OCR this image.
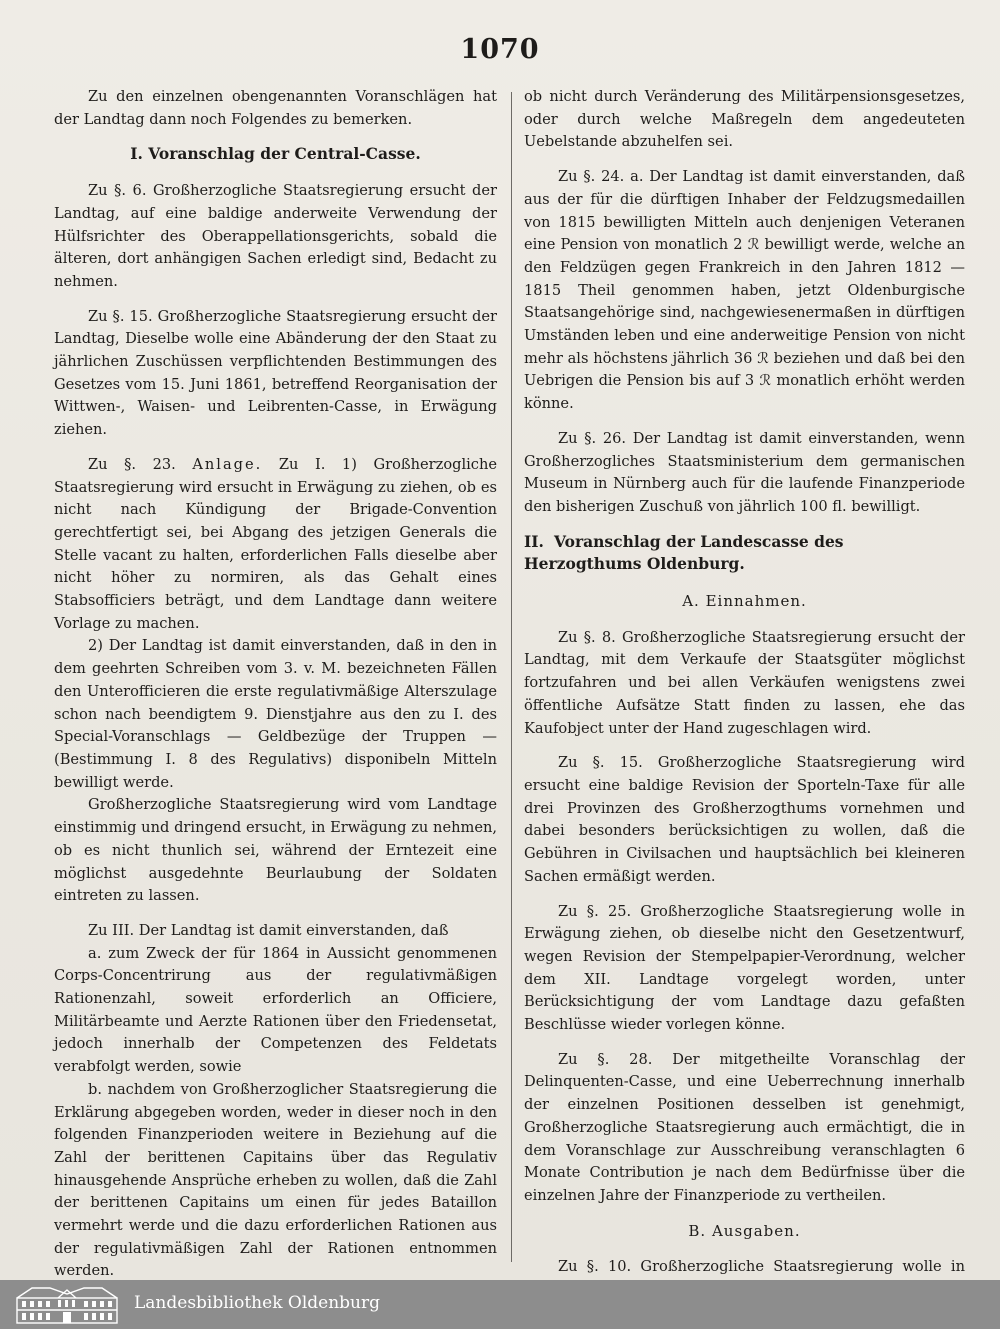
1070

Zu den einzelnen obengenannten Voranschlägen hat der Landtag dann noch Folgendes zu bemerken.

I. Voranschlag der Central-Casse.

Zu §. 6. Großherzogliche Staatsregierung ersucht der Landtag, auf eine baldige anderweite Verwendung der Hülfsrichter des Oberappellationsgerichts, sobald die älteren, dort anhängigen Sachen erledigt sind, Bedacht zu nehmen.

Zu §. 15. Großherzogliche Staatsregierung ersucht der Landtag, Dieselbe wolle eine Abänderung der den Staat zu jährlichen Zuschüssen verpflichtenden Bestimmungen des Gesetzes vom 15. Juni 1861, betreffend Reorganisation der Wittwen-, Waisen- und Leibrenten-Casse, in Erwägung ziehen.

Zu §. 23. Anlage. Zu I. 1) Großherzogliche Staatsregierung wird ersucht in Erwägung zu ziehen, ob es nicht nach Kündigung der Brigade-Convention gerechtfertigt sei, bei Abgang des jetzigen Generals die Stelle vacant zu halten, erforderlichen Falls dieselbe aber nicht höher zu normiren, als das Gehalt eines Stabsofficiers beträgt, und dem Landtage dann weitere Vorlage zu machen.

2) Der Landtag ist damit einverstanden, daß in den in dem geehrten Schreiben vom 3. v. M. bezeichneten Fällen den Unterofficieren die erste regulativmäßige Alterszulage schon nach beendigtem 9. Dienstjahre aus den zu I. des Special-Voranschlags — Geldbezüge der Truppen — (Bestimmung I. 8 des Regulativs) disponibeln Mitteln bewilligt werde.

Großherzogliche Staatsregierung wird vom Landtage einstimmig und dringend ersucht, in Erwägung zu nehmen, ob es nicht thunlich sei, während der Erntezeit eine möglichst ausgedehnte Beurlaubung der Soldaten eintreten zu lassen.

Zu III. Der Landtag ist damit einverstanden, daß

a. zum Zweck der für 1864 in Aussicht genommenen Corps-Concentrirung aus der regulativmäßigen Rationenzahl, soweit erforderlich an Officiere, Militärbeamte und Aerzte Rationen über den Friedensetat, jedoch innerhalb der Competenzen des Feldetats verabfolgt werden, sowie

b. nachdem von Großherzoglicher Staatsregierung die Erklärung abgegeben worden, weder in dieser noch in den folgenden Finanzperioden weitere in Beziehung auf die Zahl der berittenen Capitains über das Regulativ hinausgehende Ansprüche erheben zu wollen, daß die Zahl der berittenen Capitains um einen für jedes Bataillon vermehrt werde und die dazu erforderlichen Rationen aus der regulativmäßigen Zahl der Rationen entnommen werden.

ob nicht durch Veränderung des Militärpensionsgesetzes, oder durch welche Maßregeln dem angedeuteten Uebelstande abzuhelfen sei.

Zu §. 24. a. Der Landtag ist damit einverstanden, daß aus der für die dürftigen Inhaber der Feldzugsmedaillen von 1815 bewilligten Mitteln auch denjenigen Veteranen eine Pension von monatlich 2 ℛ bewilligt werde, welche an den Feldzügen gegen Frankreich in den Jahren 1812 — 1815 Theil genommen haben, jetzt Oldenburgische Staatsangehörige sind, nachgewiesenermaßen in dürftigen Umständen leben und eine anderweitige Pension von nicht mehr als höchstens jährlich 36 ℛ beziehen und daß bei den Uebrigen die Pension bis auf 3 ℛ monatlich erhöht werden könne.

Zu §. 26. Der Landtag ist damit einverstanden, wenn Großherzogliches Staatsministerium dem germanischen Museum in Nürnberg auch für die laufende Finanzperiode den bisherigen Zuschuß von jährlich 100 fl. bewilligt.

II. Voranschlag der Landescasse des Herzogthums Oldenburg.
A. Einnahmen.

Zu §. 8. Großherzogliche Staatsregierung ersucht der Landtag, mit dem Verkaufe der Staatsgüter möglichst fortzufahren und bei allen Verkäufen wenigstens zwei öffentliche Aufsätze Statt finden zu lassen, ehe das Kaufobject unter der Hand zugeschlagen wird.

Zu §. 15. Großherzogliche Staatsregierung wird ersucht eine baldige Revision der Sporteln-Taxe für alle drei Provinzen des Großherzogthums vornehmen und dabei besonders berücksichtigen zu wollen, daß die Gebühren in Civilsachen und hauptsächlich bei kleineren Sachen ermäßigt werden.

Zu §. 25. Großherzogliche Staatsregierung wolle in Erwägung ziehen, ob dieselbe nicht den Gesetzentwurf, wegen Revision der Stempelpapier-Verordnung, welcher dem XII. Landtage vorgelegt worden, unter Berücksichtigung der vom Landtage dazu gefaßten Beschlüsse wieder vorlegen könne.

Zu §. 28. Der mitgetheilte Voranschlag der Delinquenten-Casse, und eine Ueberrechnung innerhalb der einzelnen Positionen desselben ist genehmigt, Großherzogliche Staatsregierung auch ermächtigt, die in dem Voranschlage zur Ausschreibung veranschlagten 6 Monate Contribution je nach dem Bedürfnisse über die einzelnen Jahre der Finanzperiode zu vertheilen.

B. Ausgaben.

Zu §. 10. Großherzogliche Staatsregierung wolle in

Landesbibliothek Oldenburg
